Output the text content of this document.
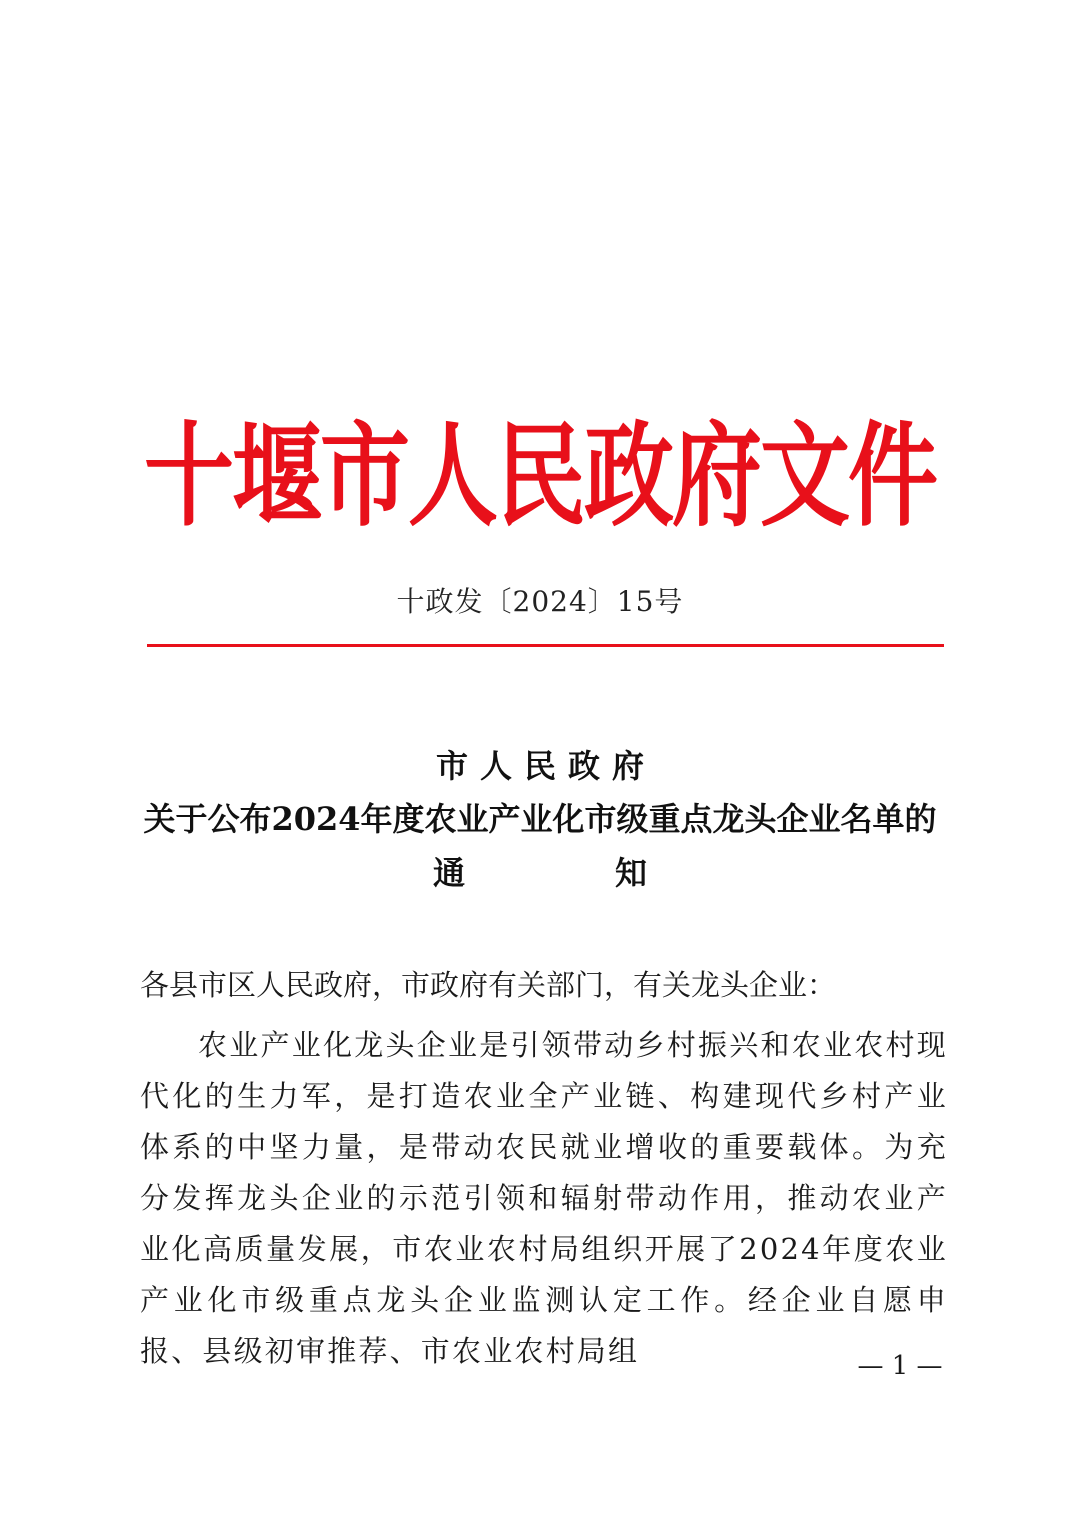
十堰市人民政府文件
十政发〔2024〕15号
市人民政府
关于公布2024年度农业产业化市级重点龙头企业名单的
通	知
各县市区人民政府，市政府有关部门，有关龙头企业：
农业产业化龙头企业是引领带动乡村振兴和农业农村现代化的生力军，是打造农业全产业链、构建现代乡村产业体系的中坚力量，是带动农民就业增收的重要载体。为充分发挥龙头企业的示范引领和辐射带动作用，推动农业产业化高质量发展，市农业农村局组织开展了2024年度农业产业化市级重点龙头企业监测认定工作。经企业自愿申报、县级初审推荐、市农业农村局组	— 1 —
